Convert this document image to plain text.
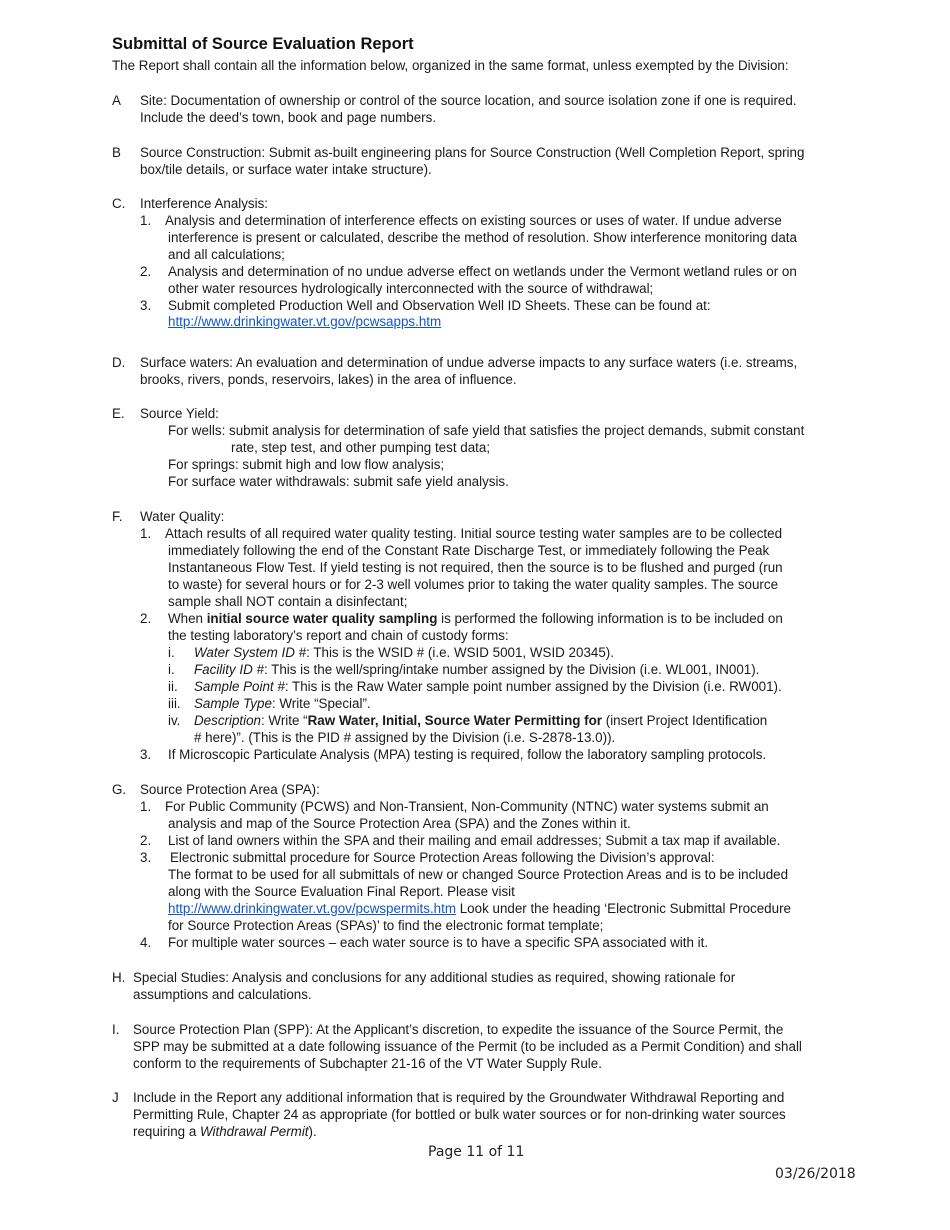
Submittal of Source Evaluation Report
The Report shall contain all the information below, organized in the same format, unless exempted by the Division:
A Site: Documentation of ownership or control of the source location, and source isolation zone if one is required.
Include the deed’s town, book and page numbers.
B Source Construction: Submit as-built engineering plans for Source Construction (Well Completion Report, spring
box/tile details, or surface water intake structure).
C. Interference Analysis:
1. Analysis and determination of interference effects on existing sources or uses of water. If undue adverse
interference is present or calculated, describe the method of resolution. Show interference monitoring data
and all calculations;
2. Analysis and determination of no undue adverse effect on wetlands under the Vermont wetland rules or on
other water resources hydrologically interconnected with the source of withdrawal;
3. Submit completed Production Well and Observation Well ID Sheets. These can be found at:
http://www.drinkingwater.vt.gov/pcwsapps.htm
D. Surface waters: An evaluation and determination of undue adverse impacts to any surface waters (i.e. streams,
brooks, rivers, ponds, reservoirs, lakes) in the area of influence.
E. Source Yield:
For wells: submit analysis for determination of safe yield that satisfies the project demands, submit constant
rate, step test, and other pumping test data;
For springs: submit high and low flow analysis;
For surface water withdrawals: submit safe yield analysis.
F. Water Quality:
1. Attach results of all required water quality testing. Initial source testing water samples are to be collected
immediately following the end of the Constant Rate Discharge Test, or immediately following the Peak
Instantaneous Flow Test. If yield testing is not required, then the source is to be flushed and purged (run
to waste) for several hours or for 2-3 well volumes prior to taking the water quality samples. The source
sample shall NOT contain a disinfectant;
2. When initial source water quality sampling is performed the following information is to be included on
the testing laboratory’s report and chain of custody forms:
i. Water System ID #: This is the WSID # (i.e. WSID 5001, WSID 20345).
i. Facility ID #: This is the well/spring/intake number assigned by the Division (i.e. WL001, IN001).
ii. Sample Point #: This is the Raw Water sample point number assigned by the Division (i.e. RW001).
iii. Sample Type: Write “Special”.
iv. Description: Write “Raw Water, Initial, Source Water Permitting for (insert Project Identification
# here)”. (This is the PID # assigned by the Division (i.e. S-2878-13.0)).
3. If Microscopic Particulate Analysis (MPA) testing is required, follow the laboratory sampling protocols.
G. Source Protection Area (SPA):
1. For Public Community (PCWS) and Non-Transient, Non-Community (NTNC) water systems submit an
analysis and map of the Source Protection Area (SPA) and the Zones within it.
2. List of land owners within the SPA and their mailing and email addresses; Submit a tax map if available.
3. Electronic submittal procedure for Source Protection Areas following the Division’s approval:
The format to be used for all submittals of new or changed Source Protection Areas and is to be included
along with the Source Evaluation Final Report. Please visit
http://www.drinkingwater.vt.gov/pcwspermits.htm Look under the heading ‘Electronic Submittal Procedure
for Source Protection Areas (SPAs)’ to find the electronic format template;
4. For multiple water sources – each water source is to have a specific SPA associated with it.
H. Special Studies: Analysis and conclusions for any additional studies as required, showing rationale for
assumptions and calculations.
I. Source Protection Plan (SPP): At the Applicant’s discretion, to expedite the issuance of the Source Permit, the
SPP may be submitted at a date following issuance of the Permit (to be included as a Permit Condition) and shall
conform to the requirements of Subchapter 21-16 of the VT Water Supply Rule.
J Include in the Report any additional information that is required by the Groundwater Withdrawal Reporting and
Permitting Rule, Chapter 24 as appropriate (for bottled or bulk water sources or for non-drinking water sources
requiring a Withdrawal Permit).
Page 11 of 11
03/26/2018
